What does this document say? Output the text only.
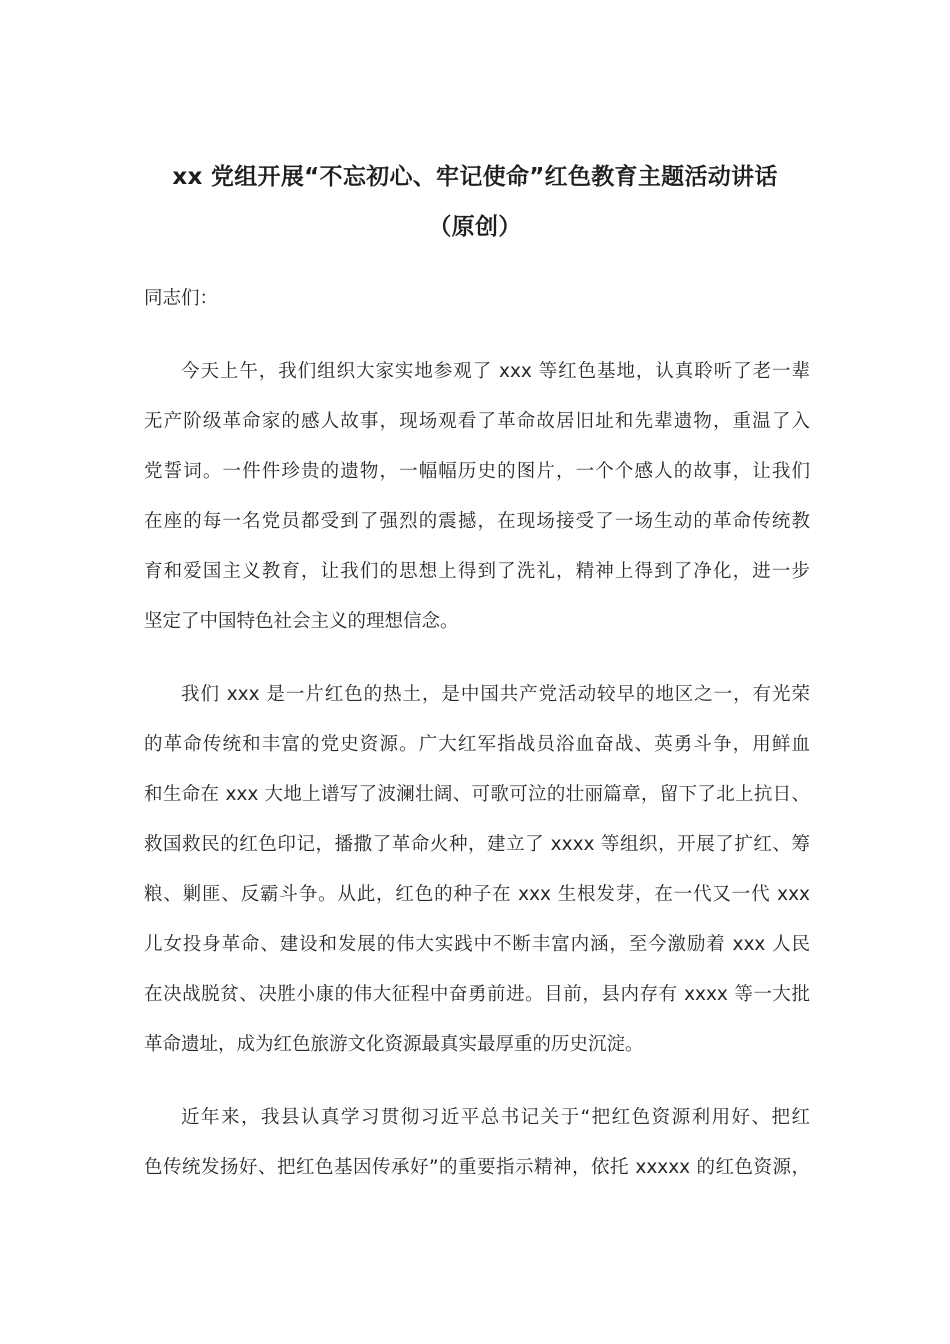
xx 党组开展“不忘初心、牢记使命”红色教育主题活动讲话
（原创）
同志们：
今天上午，我们组织大家实地参观了 xxx 等红色基地，认真聆听了老一辈
无产阶级革命家的感人故事，现场观看了革命故居旧址和先辈遗物，重温了入
党誓词。一件件珍贵的遗物，一幅幅历史的图片，一个个感人的故事，让我们
在座的每一名党员都受到了强烈的震撼，在现场接受了一场生动的革命传统教
育和爱国主义教育，让我们的思想上得到了洗礼，精神上得到了净化，进一步
坚定了中国特色社会主义的理想信念。
我们 xxx 是一片红色的热土，是中国共产党活动较早的地区之一，有光荣
的革命传统和丰富的党史资源。广大红军指战员浴血奋战、英勇斗争，用鲜血
和生命在 xxx 大地上谱写了波澜壮阔、可歌可泣的壮丽篇章，留下了北上抗日、
救国救民的红色印记，播撒了革命火种，建立了 xxxx 等组织，开展了扩红、筹
粮、剿匪、反霸斗争。从此，红色的种子在 xxx 生根发芽，在一代又一代 xxx
儿女投身革命、建设和发展的伟大实践中不断丰富内涵，至今激励着 xxx 人民
在决战脱贫、决胜小康的伟大征程中奋勇前进。目前，县内存有 xxxx 等一大批
革命遗址，成为红色旅游文化资源最真实最厚重的历史沉淀。
近年来，我县认真学习贯彻习近平总书记关于“把红色资源利用好、把红
色传统发扬好、把红色基因传承好”的重要指示精神，依托 xxxxx 的红色资源，
